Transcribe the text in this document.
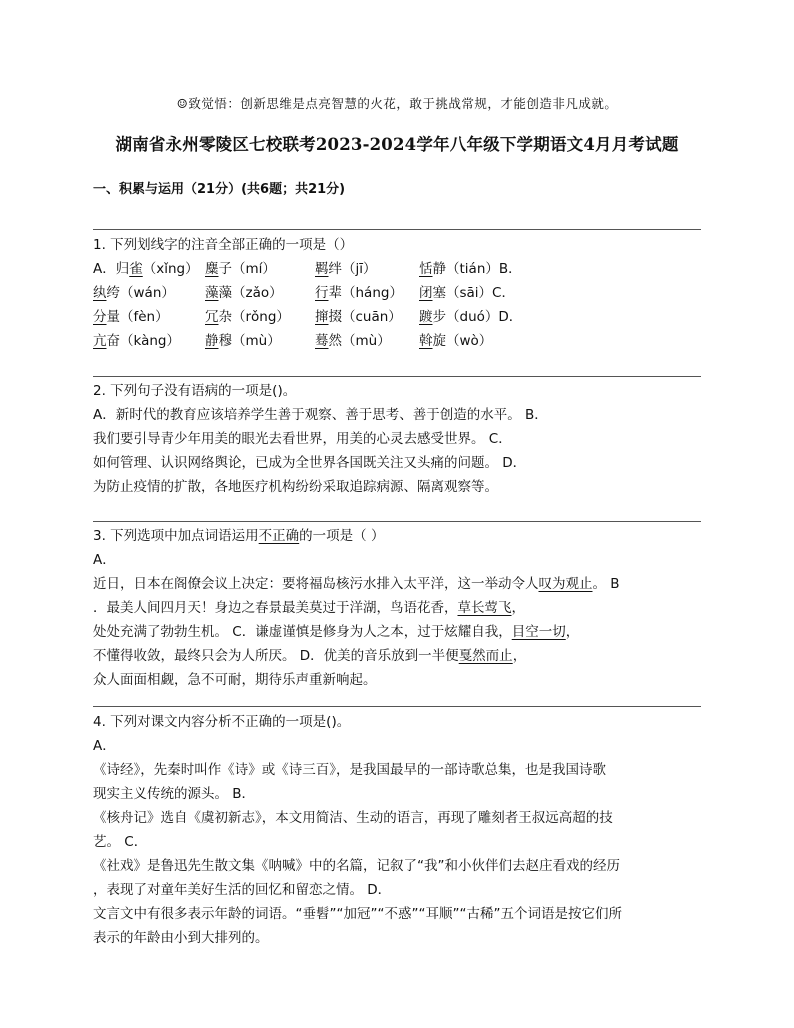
☺致觉悟：创新思维是点亮智慧的火花，敢于挑战常规，才能创造非凡成就。
湖南省永州零陵区七校联考2023-2024学年八年级下学期语文4月月考试题
一、积累与运用（21分）(共6题；共21分)
1. 下列划线字的注音全部正确的一项是（）
A．归雀（xǐng） 麋子（mí）	羁绊（jī）	恬静（tián）B．
纨绔（wán）	藻藻（zǎo）	行辈（háng）	闭塞（sāi）C．
分量（fèn）	冗杂（rǒng）	撺掇（cuān）	踱步（duó）D．
亢奋（kàng）	静穆（mù）	蓦然（mù）	斡旋（wò）
2. 下列句子没有语病的一项是()。
A．新时代的教育应该培养学生善于观察、善于思考、善于创造的水平。 B．
我们要引导青少年用美的眼光去看世界，用美的心灵去感受世界。 C．
如何管理、认识网络舆论，已成为全世界各国既关注又头痛的问题。 D．
为防止疫情的扩散，各地医疗机构纷纷采取追踪病源、隔离观察等。
3. 下列选项中加点词语运用不正确的一项是（ ）
A．
近日，日本在阁僚会议上决定：要将福岛核污水排入太平洋，这一举动令人叹为观止。 B
．最美人间四月天！身边之春景最美莫过于洋湖，鸟语花香，草长莺飞，
处处充满了勃勃生机。 C．谦虚谨慎是修身为人之本，过于炫耀自我，目空一切，
不懂得收敛，最终只会为人所厌。 D．优美的音乐放到一半便戛然而止，
众人面面相觑，急不可耐，期待乐声重新响起。
4. 下列对课文内容分析不正确的一项是()。
A．
《诗经》，先秦时叫作《诗》或《诗三百》，是我国最早的一部诗歌总集，也是我国诗歌
现实主义传统的源头。 B．
《核舟记》选自《虞初新志》，本文用简洁、生动的语言，再现了雕刻者王叔远高超的技
艺。 C．
《社戏》是鲁迅先生散文集《呐喊》中的名篇，记叙了“我”和小伙伴们去赵庄看戏的经历
，表现了对童年美好生活的回忆和留恋之情。 D．
文言文中有很多表示年龄的词语。“垂髫”“加冠”“不惑”“耳顺”“古稀”五个词语是按它们所
表示的年龄由小到大排列的。
